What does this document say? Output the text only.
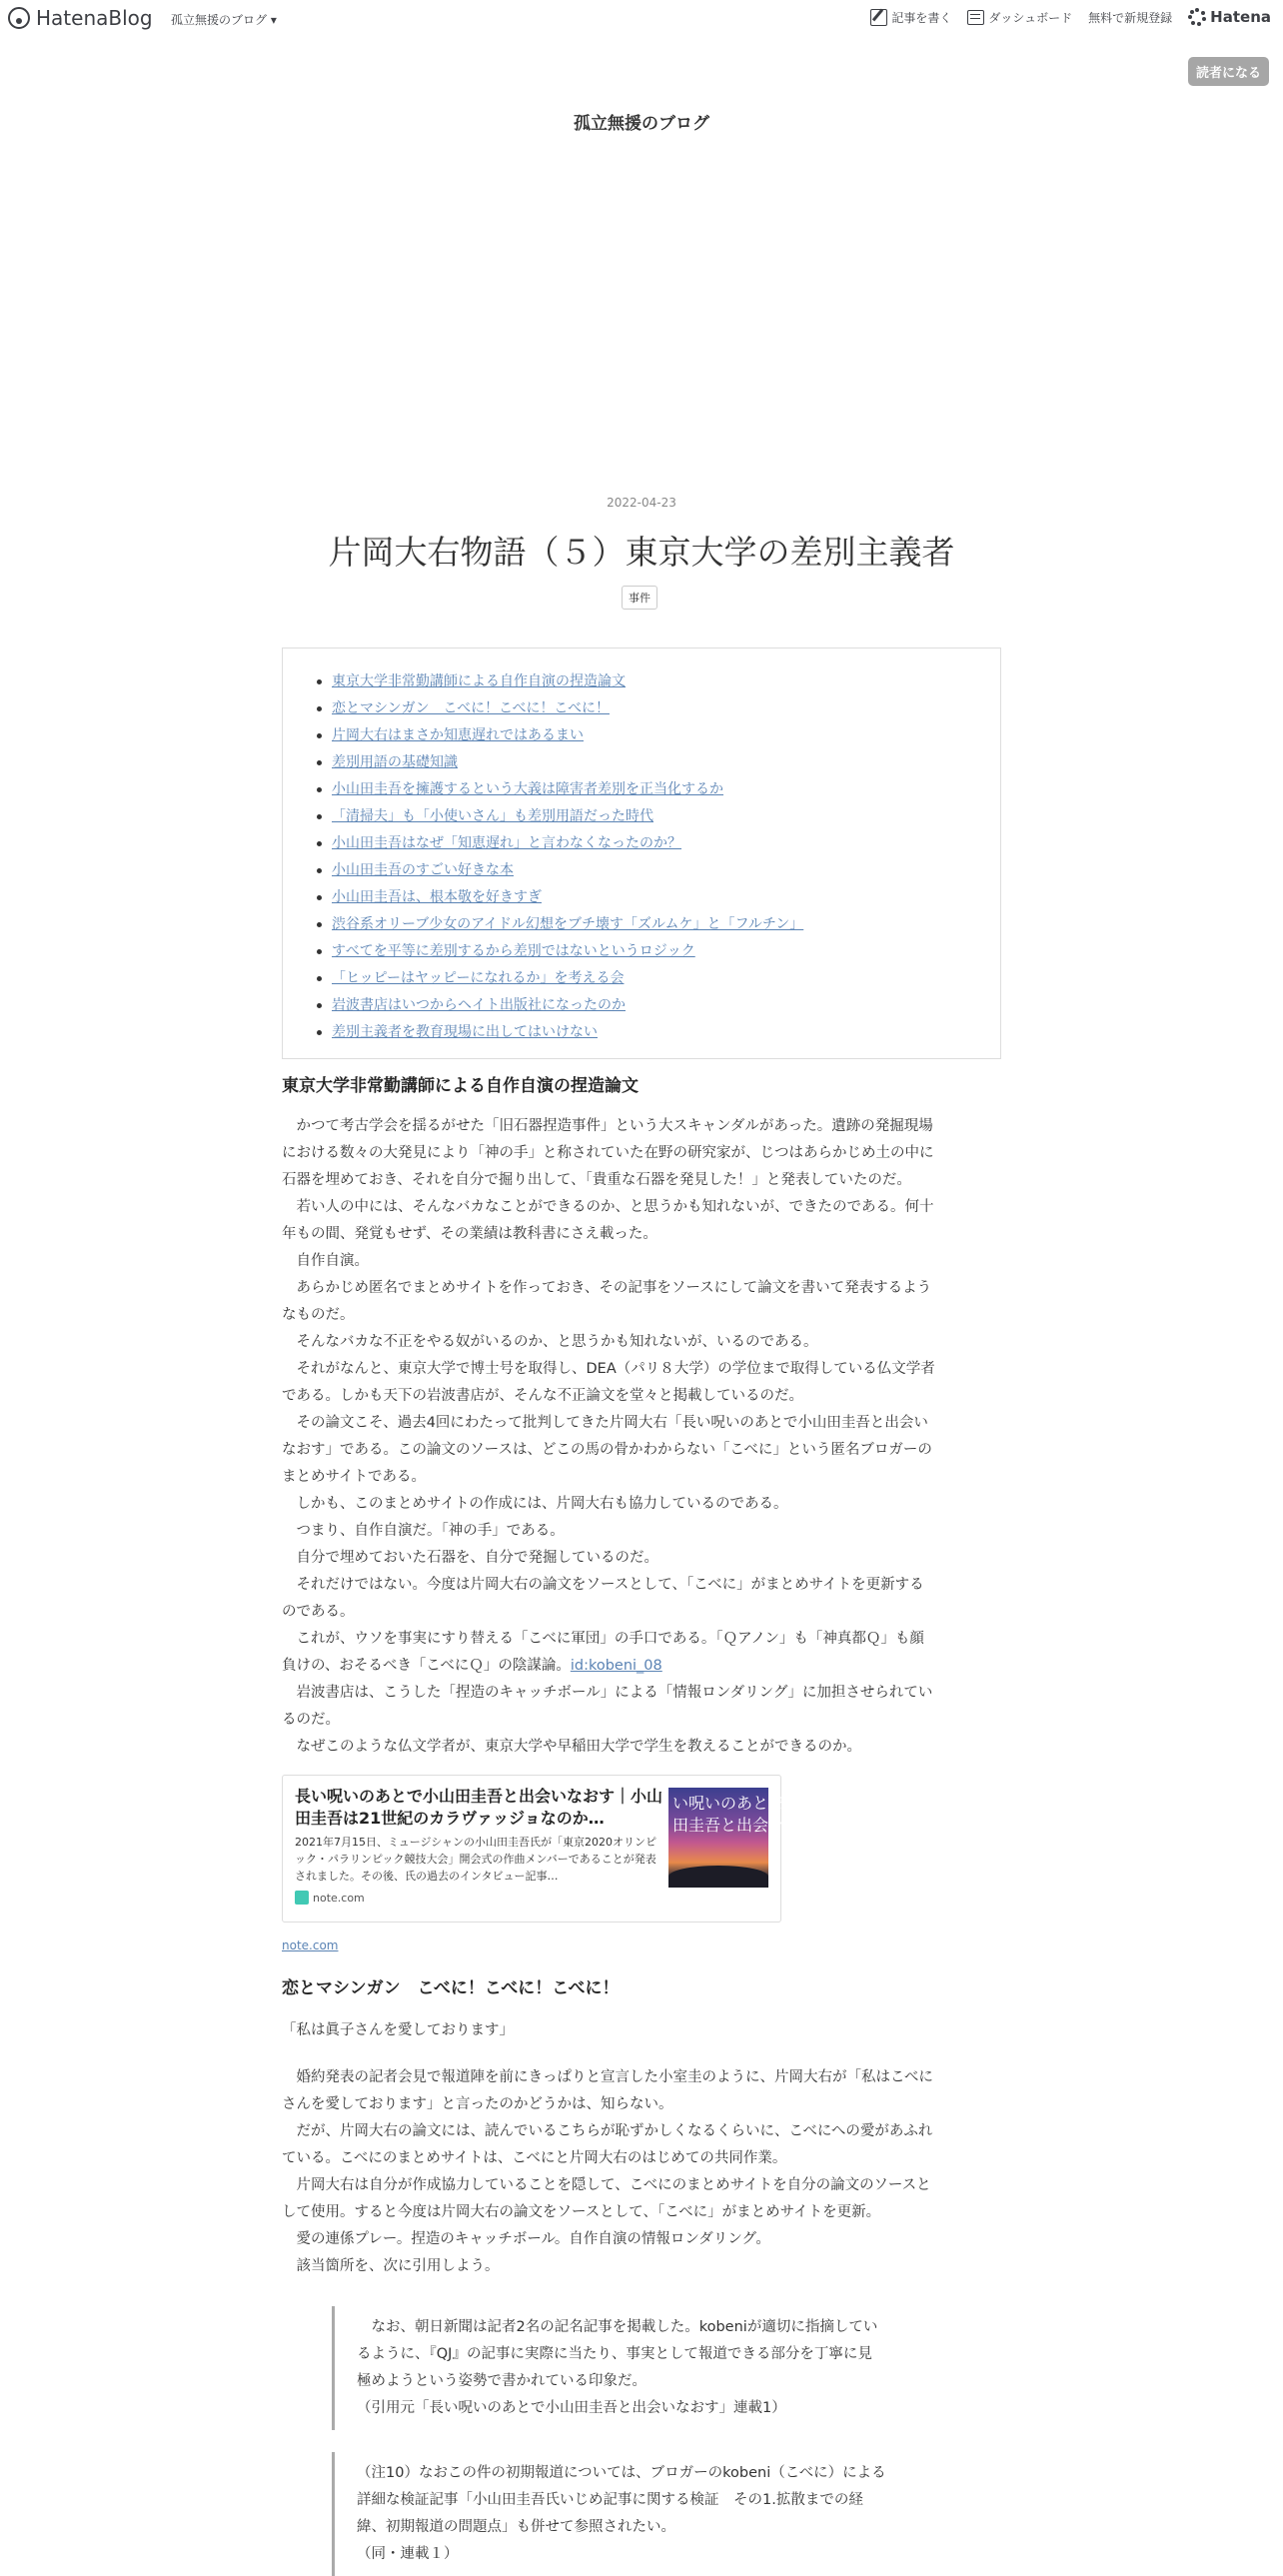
HatenaBlog 孤立無援のブログ ▾	記事を書く	ダッシュボード 無料で新規登録	Hatena
読者になる
孤立無援のブログ
2022-04-23
片岡大右物語（５）東京大学の差別主義者
事件
東京大学非常勤講師による自作自演の捏造論文
恋とマシンガン　こべに！こべに！こべに！
片岡大右はまさか知恵遅れではあるまい
差別用語の基礎知識
小山田圭吾を擁護するという大義は障害者差別を正当化するか
「清掃夫」も「小使いさん」も差別用語だった時代
小山田圭吾はなぜ「知恵遅れ」と言わなくなったのか？
小山田圭吾のすごい好きな本
小山田圭吾は、根本敬を好きすぎ
渋谷系オリーブ少女のアイドル幻想をブチ壊す「ズルムケ」と「フルチン」
すべてを平等に差別するから差別ではないというロジック
「ヒッピーはヤッピーになれるか」を考える会
岩波書店はいつからヘイト出版社になったのか
差別主義者を教育現場に出してはいけない
東京大学非常勤講師による自作自演の捏造論文

かつて考古学会を揺るがせた「旧石器捏造事件」という大スキャンダルがあった。遺跡の発掘現場

における数々の大発見により「神の手」と称されていた在野の研究家が、じつはあらかじめ土の中に

石器を埋めておき、それを自分で掘り出して、「貴重な石器を発見した！」と発表していたのだ。

若い人の中には、そんなバカなことができるのか、と思うかも知れないが、できたのである。何十

年もの間、発覚もせず、その業績は教科書にさえ載った。

自作自演。

あらかじめ匿名でまとめサイトを作っておき、その記事をソースにして論文を書いて発表するよう

なものだ。

そんなバカな不正をやる奴がいるのか、と思うかも知れないが、いるのである。

それがなんと、東京大学で博士号を取得し、DEA（パリ８大学）の学位まで取得している仏文学者

である。しかも天下の岩波書店が、そんな不正論文を堂々と掲載しているのだ。

その論文こそ、過去4回にわたって批判してきた片岡大右「長い呪いのあとで小山田圭吾と出会い

なおす」である。この論文のソースは、どこの馬の骨かわからない「こべに」という匿名ブロガーの

まとめサイトである。

しかも、このまとめサイトの作成には、片岡大右も協力しているのである。

つまり、自作自演だ。「神の手」である。

自分で埋めておいた石器を、自分で発掘しているのだ。

それだけではない。今度は片岡大右の論文をソースとして、「こべに」がまとめサイトを更新する

のである。

これが、ウソを事実にすり替える「こべに軍団」の手口である。「Ｑアノン」も「神真都Ｑ」も顔

負けの、おそるべき「こべにＱ」の陰謀論。id:kobeni_08

岩波書店は、こうした「捏造のキャッチボール」による「情報ロンダリング」に加担させられてい

るのだ。

なぜこのような仏文学者が、東京大学や早稲田大学で学生を教えることができるのか。

長い呪いのあとで小山田圭吾と出会いなおす｜小山田圭吾は21世紀のカラヴァッジョなのか…
2021年7月15日、ミュージシャンの小山田圭吾氏が「東京2020オリンピック・パラリンピック競技大会」開会式の作曲メンバーであることが発表されました。その後、氏の過去のインタビュー記事…
note.com
い呪いのあとで
田圭吾と出会い
note.com
恋とマシンガン　こべに！こべに！こべに！

「私は眞子さんを愛しております」

婚約発表の記者会見で報道陣を前にきっぱりと宣言した小室圭のように、片岡大右が「私はこべに

さんを愛しております」と言ったのかどうかは、知らない。

だが、片岡大右の論文には、読んでいるこちらが恥ずかしくなるくらいに、こべにへの愛があふれ

ている。こべにのまとめサイトは、こべにと片岡大右のはじめての共同作業。

片岡大右は自分が作成協力していることを隠して、こべにのまとめサイトを自分の論文のソースと

して使用。すると今度は片岡大右の論文をソースとして、「こべに」がまとめサイトを更新。

愛の連係プレー。捏造のキャッチボール。自作自演の情報ロンダリング。

該当箇所を、次に引用しよう。

なお、朝日新聞は記者2名の記名記事を掲載した。kobeniが適切に指摘してい

るように、『QJ』の記事に実際に当たり、事実として報道できる部分を丁寧に見

極めようという姿勢で書かれている印象だ。

（引用元「長い呪いのあとで小山田圭吾と出会いなおす」連載1）

（注10）なおこの件の初期報道については、ブロガーのkobeni（こべに）による

詳細な検証記事「小山田圭吾氏いじめ記事に関する検証　その1.拡散までの経

緯、初期報道の問題点」も併せて参照されたい。

（同・連載１）
